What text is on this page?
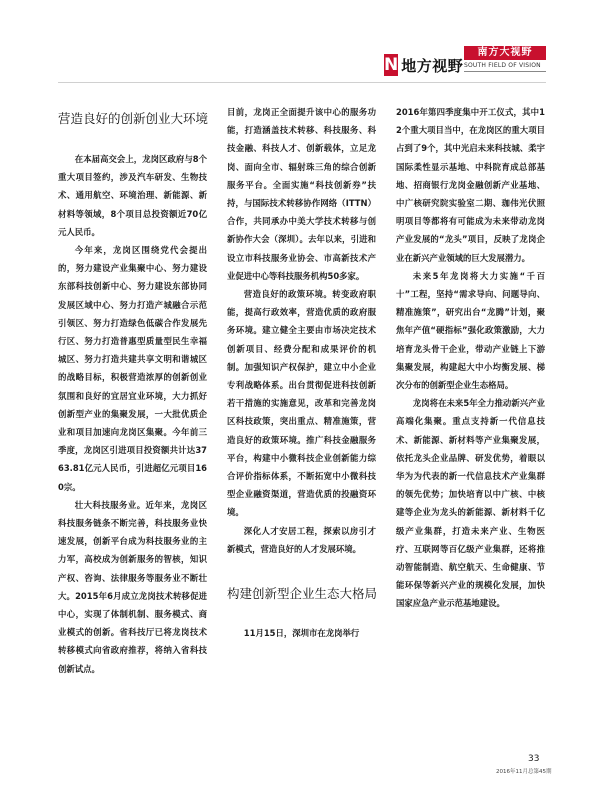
N 地方视野
南方大视野
SOUTH FIELD OF VISION
营造良好的创新创业大环境

在本届高交会上，龙岗区政府与8个重大项目签约，涉及汽车研发、生物技术、通用航空、环境治理、新能源、新材料等领域，8个项目总投资额近70亿元人民币。

今年来，龙岗区围绕党代会提出的，努力建设产业集聚中心、努力建设东部科技创新中心、努力建设东部协同发展区域中心、努力打造产城融合示范引领区、努力打造绿色低碳合作发展先行区、努力打造普惠型质量型民生幸福城区、努力打造共建共享文明和谐城区的战略目标，积极营造浓厚的创新创业氛围和良好的宜居宜业环境，大力抓好创新型产业的集聚发展，一大批优质企业和项目加速向龙岗区集聚。今年前三季度，龙岗区引进项目投资额共计达3763.81亿元人民币，引进超亿元项目160宗。

壮大科技服务业。近年来，龙岗区科技服务链条不断完善，科技服务业快速发展，创新平台成为科技服务业的主力军，高校成为创新服务的智核，知识产权、咨询、法律服务等服务业不断壮大。2015年6月成立龙岗技术转移促进中心，实现了体制机制、服务模式、商业模式的创新。省科技厅已将龙岗技术转移模式向省政府推荐，将纳入省科技创新试点。

目前，龙岗正全面提升该中心的服务功能，打造涵盖技术转移、科技服务、科技金融、科技人才、创新载体，立足龙岗、面向全市、辐射珠三角的综合创新服务平台。全面实施“科技创新券”扶持，与国际技术转移协作网络（ITTN）合作，共同承办中美大学技术转移与创新协作大会（深圳）。去年以来，引进和设立市科技服务业协会、市高新技术产业促进中心等科技服务机构50多家。

营造良好的政策环境。转变政府职能，提高行政效率，营造优质的政府服务环境。建立健全主要由市场决定技术创新项目、经费分配和成果评价的机制。加强知识产权保护，建立中小企业专利战略体系。出台贯彻促进科技创新若干措施的实施意见，改革和完善龙岗区科技政策，突出重点、精准施策，营造良好的政策环境。推广科技金融服务平台，构建中小微科技企业创新能力综合评价指标体系，不断拓宽中小微科技型企业融资渠道，营造优质的投融资环境。

深化人才安居工程，探索以房引才新模式，营造良好的人才发展环境。

构建创新型企业生态大格局

11月15日，深圳市在龙岗举行

2016年第四季度集中开工仪式，其中12个重大项目当中，在龙岗区的重大项目占到了9个，其中光启未来科技城、柔宇国际柔性显示基地、中科院育成总部基地、招商银行龙岗金融创新产业基地、中广核研究院实验室二期、珈伟光伏照明项目等都将有可能成为未来带动龙岗产业发展的“龙头”项目，反映了龙岗企业在新兴产业领域的巨大发展潜力。

未来5年龙岗将大力实施“千百十”工程，坚持“需求导向、问题导向、精准施策”，研究出台“龙腾”计划，聚焦年产值“硬指标”强化政策激励，大力培育龙头骨干企业，带动产业链上下游集聚发展，构建起大中小均衡发展、梯次分布的创新型企业生态格局。

龙岗将在未来5年全力推动新兴产业高端化集聚。重点支持新一代信息技术、新能源、新材料等产业集聚发展，依托龙头企业品牌、研发优势，着眼以华为为代表的新一代信息技术产业集群的领先优势；加快培育以中广核、中核建等企业为龙头的新能源、新材料千亿级产业集群，打造未来产业、生物医疗、互联网等百亿级产业集群，还将推动智能制造、航空航天、生命健康、节能环保等新兴产业的规模化发展，加快国家应急产业示范基地建设。

33
2016年11月总第45期
